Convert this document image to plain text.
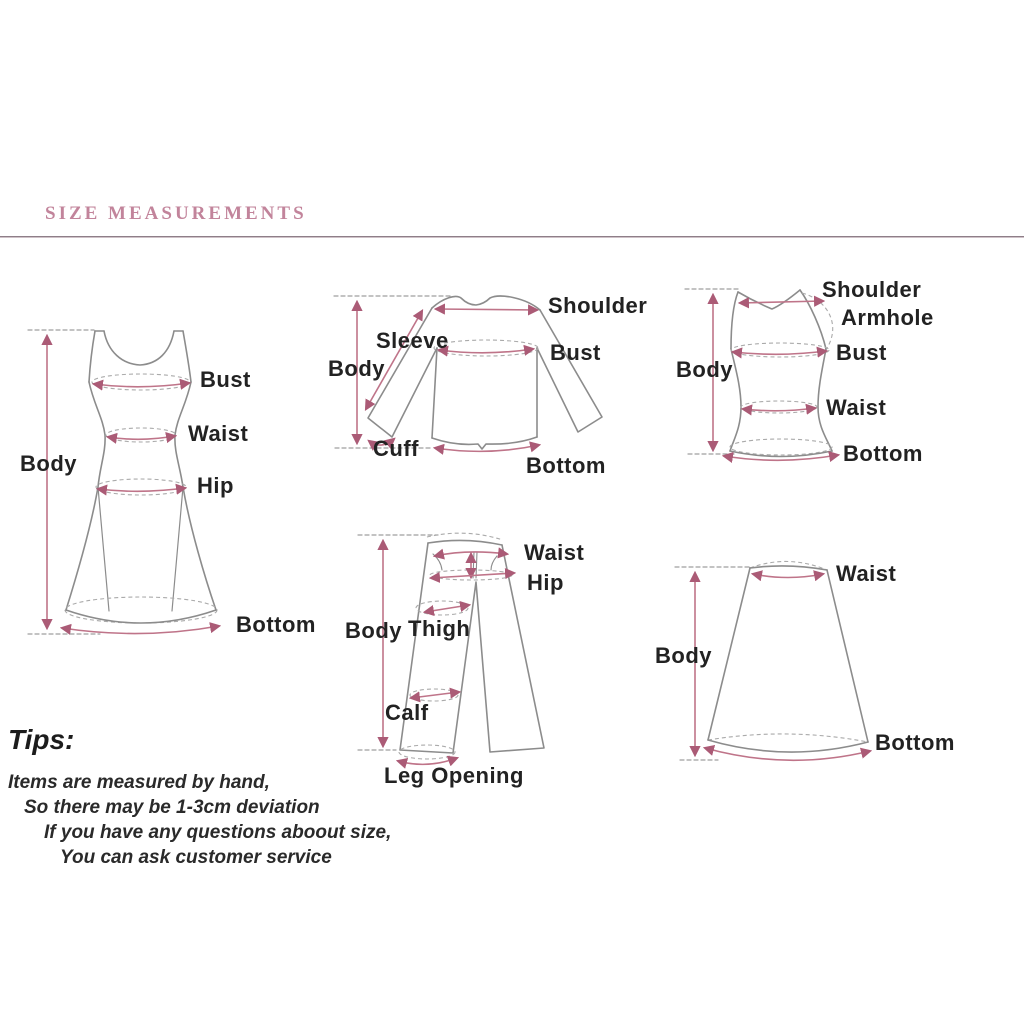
SIZE MEASUREMENTS
Body
Bust
Waist
Hip
Bottom
Shoulder
Sleeve
Body
Bust
Cuff
Bottom
Shoulder
Armhole
Body
Bust
Waist
Bottom
Waist
Hip
Body Thigh
Calf
Leg Opening
Waist
Body
Bottom
Tips:
Items are measured by hand,
So there may be 1-3cm deviation
If you have any questions aboout size,
You can ask customer service
